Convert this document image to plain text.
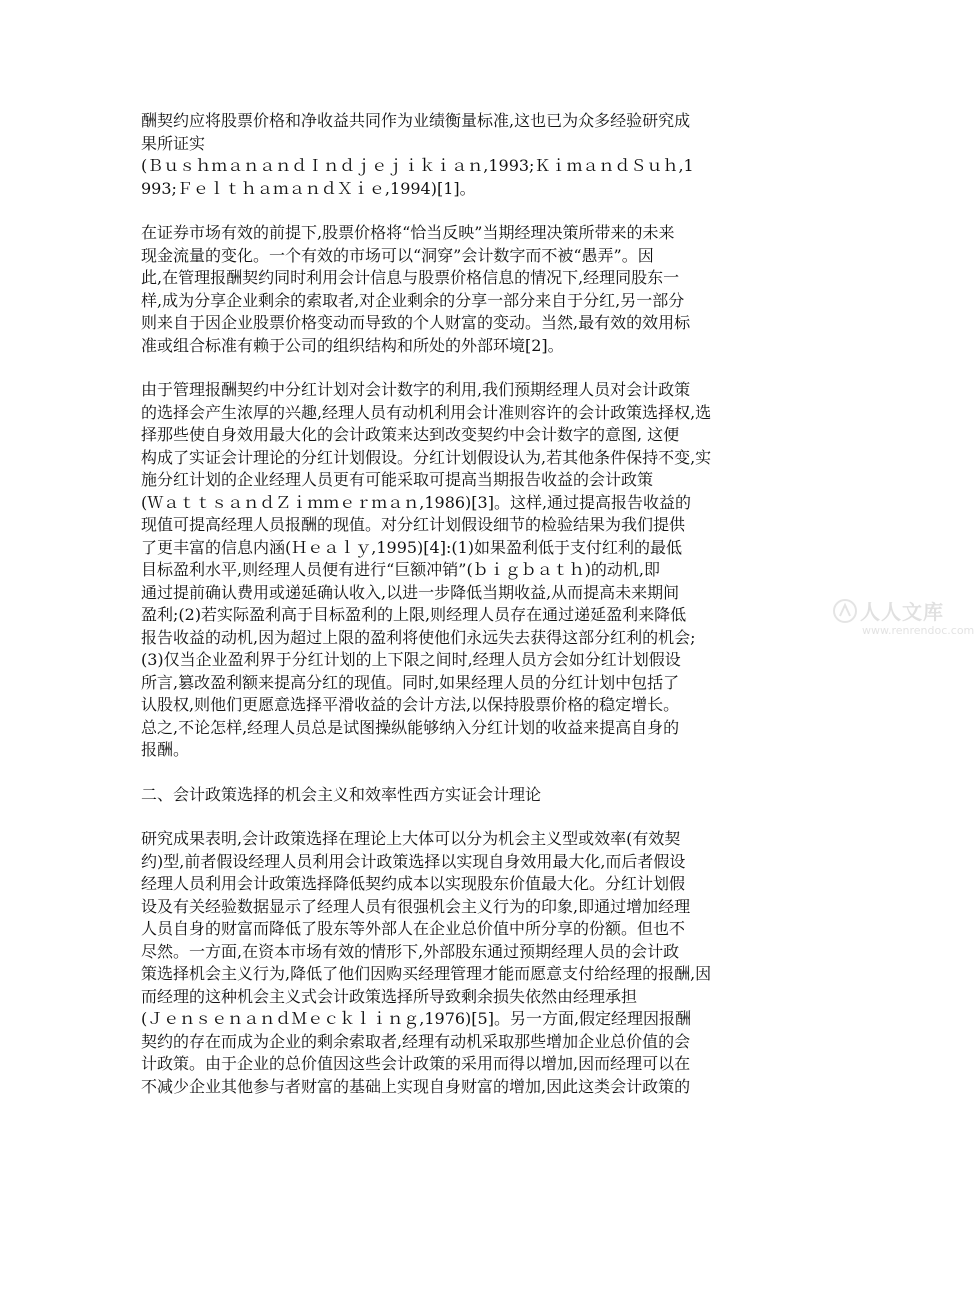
酬契约应将股票价格和净收益共同作为业绩衡量标准,这也已为众多经验研究成
果所证实
(ＢｕｓｈｍａｎａｎｄＩｎｄｊｅｊｉｋｉａｎ,1993;ＫｉｍａｎｄＳｕｈ,1
993;ＦｅｌｔｈａｍａｎｄＸｉｅ,1994)[1]。

在证券市场有效的前提下,股票价格将“恰当反映”当期经理决策所带来的未来
现金流量的变化。一个有效的市场可以“洞穿”会计数字而不被“愚弄”。因
此,在管理报酬契约同时利用会计信息与股票价格信息的情况下,经理同股东一
样,成为分享企业剩余的索取者,对企业剩余的分享一部分来自于分红,另一部分
则来自于因企业股票价格变动而导致的个人财富的变动。当然,最有效的效用标
准或组合标准有赖于公司的组织结构和所处的外部环境[2]。

由于管理报酬契约中分红计划对会计数字的利用,我们预期经理人员对会计政策
的选择会产生浓厚的兴趣,经理人员有动机利用会计准则容许的会计政策选择权,选
择那些使自身效用最大化的会计政策来达到改变契约中会计数字的意图, 这便
构成了实证会计理论的分红计划假设。分红计划假设认为,若其他条件保持不变,实
施分红计划的企业经理人员更有可能采取可提高当期报告收益的会计政策
(ＷａｔｔｓａｎｄＺｉｍｍｅｒｍａｎ,1986)[3]。这样,通过提高报告收益的
现值可提高经理人员报酬的现值。对分红计划假设细节的检验结果为我们提供
了更丰富的信息内涵(Ｈｅａｌｙ,1995)[4]:(1)如果盈利低于支付红利的最低
目标盈利水平,则经理人员便有进行“巨额冲销”(ｂｉｇｂａｔｈ)的动机,即
通过提前确认费用或递延确认收入,以进一步降低当期收益,从而提高未来期间
盈利;(2)若实际盈利高于目标盈利的上限,则经理人员存在通过递延盈利来降低
报告收益的动机,因为超过上限的盈利将使他们永远失去获得这部分红利的机会;
(3)仅当企业盈利界于分红计划的上下限之间时,经理人员方会如分红计划假设
所言,篡改盈利额来提高分红的现值。同时,如果经理人员的分红计划中包括了
认股权,则他们更愿意选择平滑收益的会计方法,以保持股票价格的稳定增长。
总之,不论怎样,经理人员总是试图操纵能够纳入分红计划的收益来提高自身的
报酬。

二、会计政策选择的机会主义和效率性西方实证会计理论

研究成果表明,会计政策选择在理论上大体可以分为机会主义型或效率(有效契
约)型,前者假设经理人员利用会计政策选择以实现自身效用最大化,而后者假设
经理人员利用会计政策选择降低契约成本以实现股东价值最大化。分红计划假
设及有关经验数据显示了经理人员有很强机会主义行为的印象,即通过增加经理
人员自身的财富而降低了股东等外部人在企业总价值中所分享的份额。但也不
尽然。一方面,在资本市场有效的情形下,外部股东通过预期经理人员的会计政
策选择机会主义行为,降低了他们因购买经理管理才能而愿意支付给经理的报酬,因
而经理的这种机会主义式会计政策选择所导致剩余损失依然由经理承担
(ＪｅｎｓｅｎａｎｄＭｅｃｋｌｉｎｇ,1976)[5]。另一方面,假定经理因报酬
契约的存在而成为企业的剩余索取者,经理有动机采取那些增加企业总价值的会
计政策。由于企业的总价值因这些会计政策的采用而得以增加,因而经理可以在
不减少企业其他参与者财富的基础上实现自身财富的增加,因此这类会计政策的

人人文库
www.renrendoc.com
